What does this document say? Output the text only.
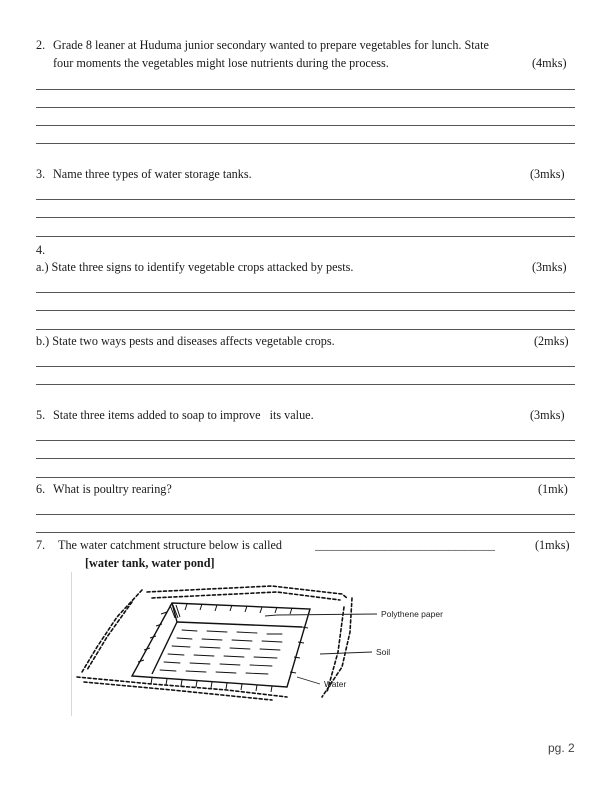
2. Grade 8 leaner at Huduma junior secondary wanted to prepare vegetables for lunch. State
four moments the vegetables might lose nutrients during the process.	(4mks)
3. Name three types of water storage tanks.	(3mks)
4.
a.) State three signs to identify vegetable crops attacked by pests.	(3mks)
b.) State two ways pests and diseases affects vegetable crops.	(2mks)
5. State three items added to soap to improve   its value.	(3mks)
6. What is poultry rearing?	(1mk)
7. The water catchment structure below is called	_______________________________	(1mks)
[water tank, water pond]
Polythene paper
Soil
Water
pg. 2
